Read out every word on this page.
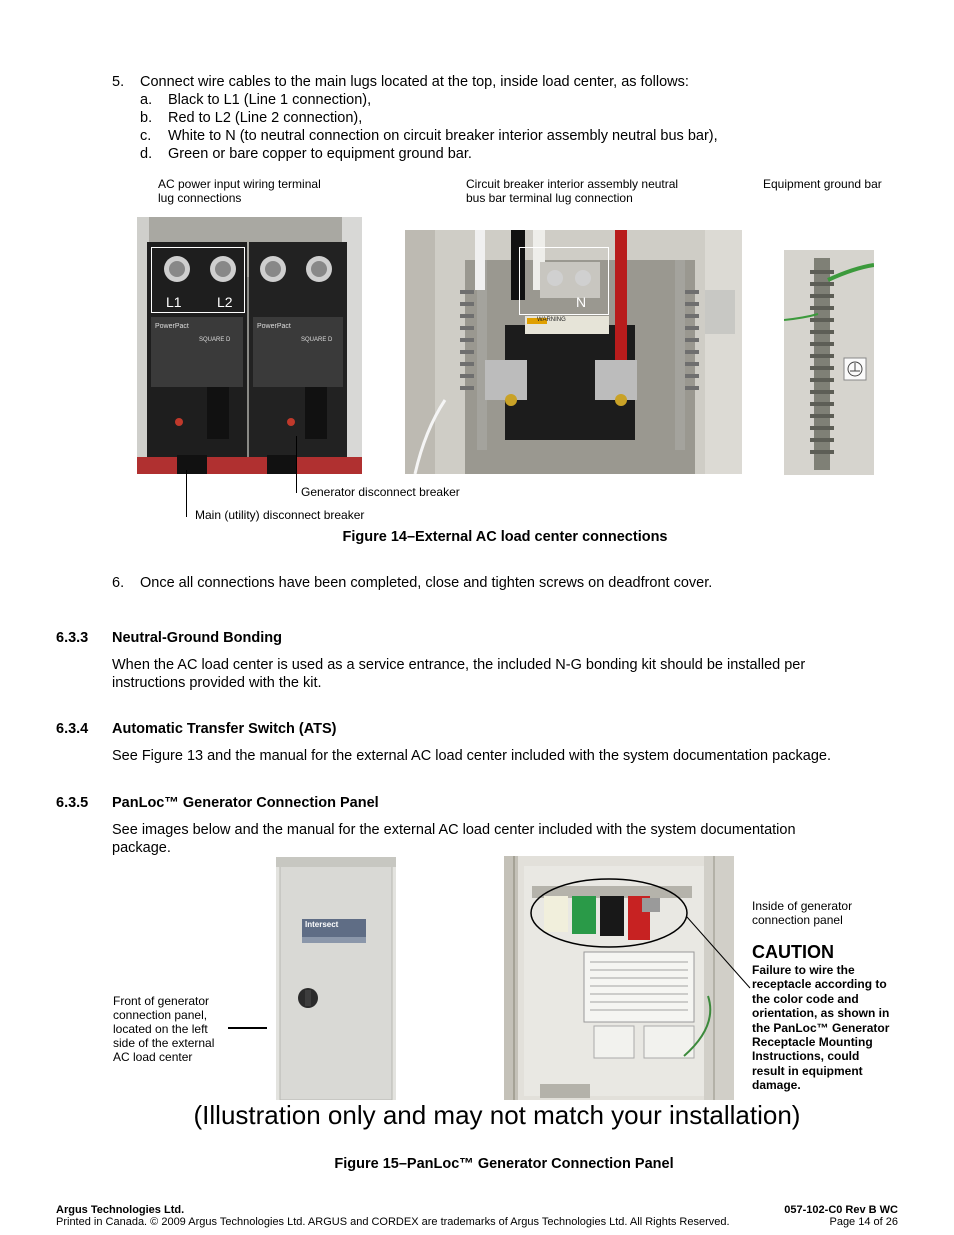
5. Connect wire cables to the main lugs located at the top, inside load center, as follows:
a. Black to L1 (Line 1 connection),
b. Red to L2 (Line 2 connection),
c. White to N (to neutral connection on circuit breaker interior assembly neutral bus bar),
d. Green or bare copper to equipment ground bar.
AC power input wiring terminal
lug connections
Circuit breaker interior assembly neutral
bus bar terminal lug connection
Equipment ground bar
L1	L2
PowerPact	PowerPact
SQUARE D	SQUARE D
N
WARNING
Generator disconnect breaker
Main (utility) disconnect breaker
Figure 14–External AC load center connections
6. Once all connections have been completed, close and tighten screws on deadfront cover.
6.3.3 Neutral-Ground Bonding
When the AC load center is used as a service entrance, the included N-G bonding kit should be installed per
instructions provided with the kit.
6.3.4 Automatic Transfer Switch (ATS)
See Figure 13 and the manual for the external AC load center included with the system documentation package.
6.3.5 PanLoc™ Generator Connection Panel
See images below and the manual for the external AC load center included with the system documentation
package.
Intersect
Front of generator
connection panel,
located on the left
side of the external
AC load center
Inside of generator
connection panel
CAUTION
Failure to wire the
receptacle according to
the color code and
orientation, as shown in
the PanLoc™ Generator
Receptacle Mounting
Instructions, could
result in equipment
damage.
(Illustration only and may not match your installation)
Figure 15–PanLoc™ Generator Connection Panel
Argus Technologies Ltd.	057-102-C0 Rev B WC
Printed in Canada. © 2009 Argus Technologies Ltd. ARGUS and CORDEX are trademarks of Argus Technologies Ltd. All Rights Reserved.	Page 14 of 26
